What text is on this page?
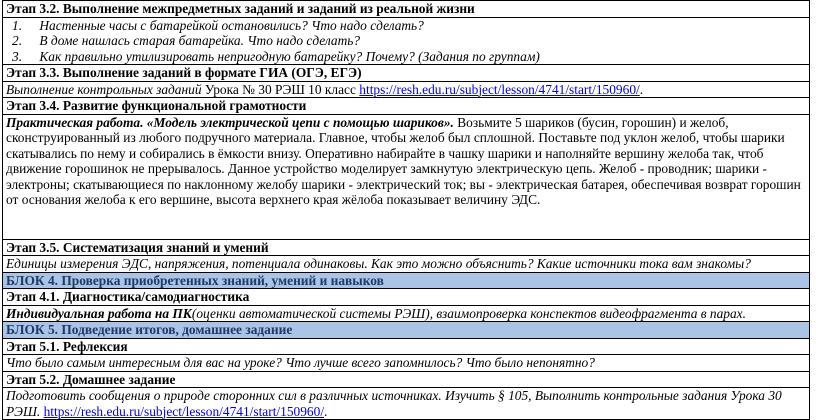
Этап 3.2. Выполнение межпредметных заданий и заданий из реальной жизни

1. Настенные часы с батарейкой остановились? Что надо сделать?
2. В доме нашлась старая батарейка. Что надо сделать?
3. Как правильно утилизировать непригодную батарейку? Почему? (Задания по группам)

Этап 3.3. Выполнение заданий в формате ГИА (ОГЭ, ЕГЭ)
Выполнение контрольных заданий Урока № 30 РЭШ 10 класс https://resh.edu.ru/subject/lesson/4741/start/150960/.
Этап 3.4. Развитие функциональной грамотности
Практическая работа. «Модель электрической цепи с помощью шариков». Возьмите 5 шариков (бусин, горошин) и желоб, сконструированный из любого подручного материала. Главное, чтобы желоб был сплошной. Поставьте под уклон желоб, чтобы шарики скатывались по нему и собирались в ёмкости внизу. Оперативно набирайте в чашку шарики и наполняйте вершину желоба так, чтоб движение горошинок не прерывалось. Данное устройство моделирует замкнутую электрическую цепь. Желоб - проводник; шарики - электроны; скатывающиеся по наклонному желобу шарики - электрический ток; вы - электрическая батарея, обеспечивая возврат горошин от основания желоба к его вершине, высота верхнего края жёлоба показывает величину ЭДС.
Этап 3.5. Систематизация знаний и умений
Единицы измерения ЭДС, напряжения, потенциала одинаковы. Как это можно объяснить? Какие источники тока вам знакомы?
БЛОК 4. Проверка приобретенных знаний, умений и навыков
Этап 4.1. Диагностика/самодиагностика
Индивидуальная работа на ПК(оценки автоматической системы РЭШ), взаимопроверка конспектов видеофрагмента в парах.
БЛОК 5. Подведение итогов, домашнее задание
Этап 5.1. Рефлексия
Что было самым интересным для вас на уроке? Что лучше всего запомнилось? Что было непонятно?
Этап 5.2. Домашнее задание
Подготовить сообщения о природе сторонних сил в различных источниках. Изучить § 105, Выполнить контрольные задания Урока 30 РЭШ. https://resh.edu.ru/subject/lesson/4741/start/150960/.
